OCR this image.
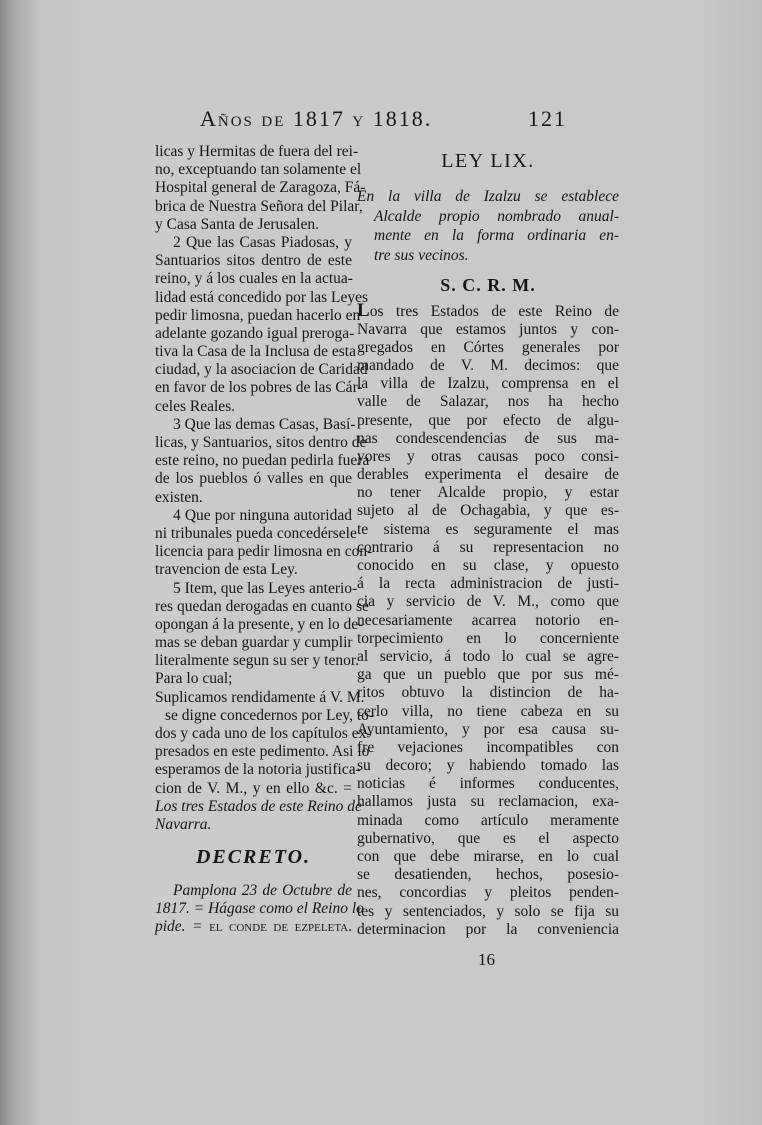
Años de 1817 y 1818.	121
licas y Hermitas de fuera del rei-
no, exceptuando tan solamente el
Hospital general de Zaragoza, Fá-
brica de Nuestra Señora del Pilar,
y Casa Santa de Jerusalen.
2 Que las Casas Piadosas, y
Santuarios sitos dentro de este
reino, y á los cuales en la actua-
lidad está concedido por las Leyes
pedir limosna, puedan hacerlo en
adelante gozando igual preroga-
tiva la Casa de la Inclusa de esta
ciudad, y la asociacion de Caridad
en favor de los pobres de las Cár-
celes Reales.
3 Que las demas Casas, Basí-
licas, y Santuarios, sitos dentro de
este reino, no puedan pedirla fuera
de los pueblos ó valles en que
existen.
4 Que por ninguna autoridad
ni tribunales pueda concedérsele
licencia para pedir limosna en con-
travencion de esta Ley.
5 Item, que las Leyes anterio-
res quedan derogadas en cuanto se
opongan á la presente, y en lo de-
mas se deban guardar y cumplir
literalmente segun su ser y tenor.
Para lo cual;
Suplicamos rendidamente á V. M.
se digne concedernos por Ley, to-
dos y cada uno de los capítulos ex-
presados en este pedimento. Asi lo
esperamos de la notoria justifica-
cion de V. M., y en ello &c. =
Los tres Estados de este Reino de
Navarra.
DECRETO.
Pamplona 23 de Octubre de
1817. = Hágase como el Reino lo
pide. = el conde de ezpeleta.
LEY LIX.
En la villa de Izalzu se establece
Alcalde propio nombrado anual-
mente en la forma ordinaria en-
tre sus vecinos.
S. C. R. M.
Los tres Estados de este Reino de
Navarra que estamos juntos y con-
gregados en Córtes generales por
mandado de V. M. decimos: que
la villa de Izalzu, comprensa en el
valle de Salazar, nos ha hecho
presente, que por efecto de algu-
nas condescendencias de sus ma-
yores y otras causas poco consi-
derables experimenta el desaire de
no tener Alcalde propio, y estar
sujeto al de Ochagabia, y que es-
te sistema es seguramente el mas
contrario á su representacion no
conocido en su clase, y opuesto
á la recta administracion de justi-
cia y servicio de V. M., como que
necesariamente acarrea notorio en-
torpecimiento en lo concerniente
al servicio, á todo lo cual se agre-
ga que un pueblo que por sus mé-
ritos obtuvo la distincion de ha-
cerlo villa, no tiene cabeza en su
Ayuntamiento, y por esa causa su-
fre vejaciones incompatibles con
su decoro; y habiendo tomado las
noticias é informes conducentes,
hallamos justa su reclamacion, exa-
minada como artículo meramente
gubernativo, que es el aspecto
con que debe mirarse, en lo cual
se desatienden, hechos, posesio-
nes, concordias y pleitos penden-
tes y sentenciados, y solo se fija su
determinacion por la conveniencia
16
